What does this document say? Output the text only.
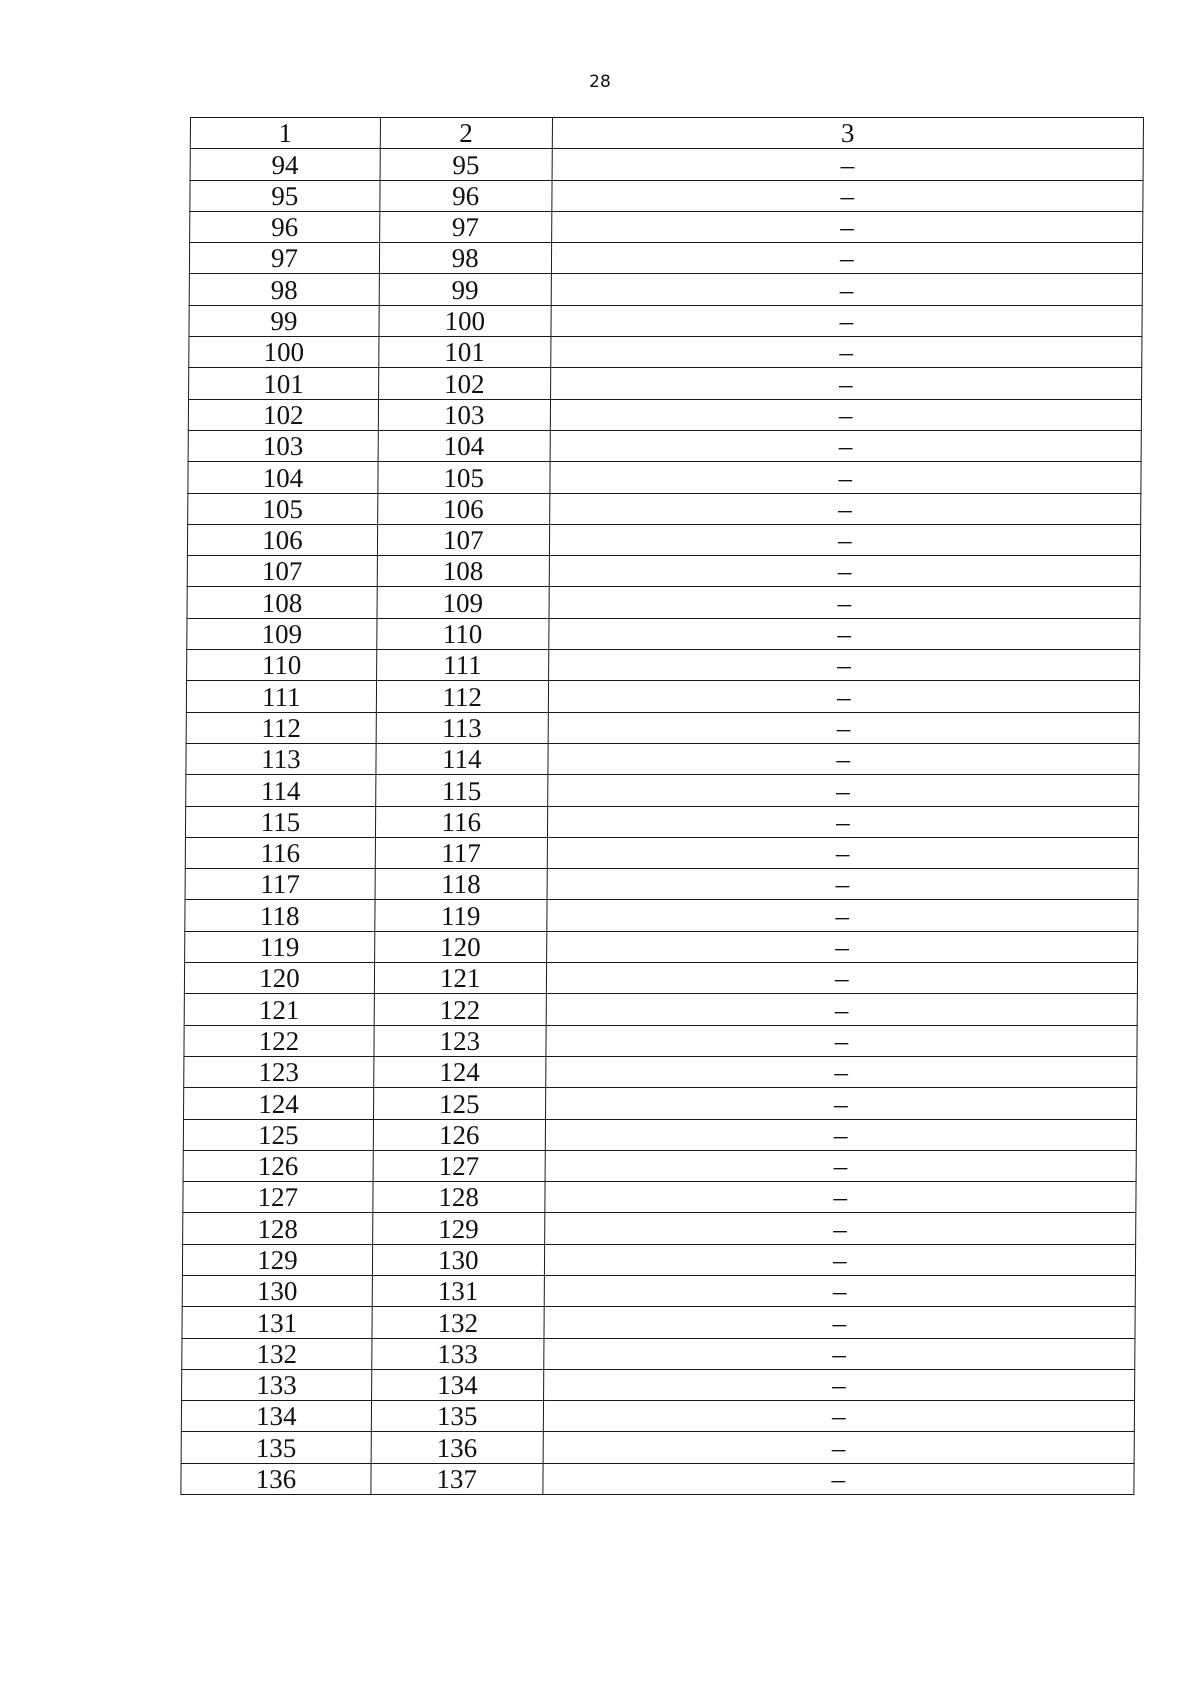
28
1	2	3
94	95	–
95	96	–
96	97	–
97	98	–
98	99	–
99	100	–
100	101	–
101	102	–
102	103	–
103	104	–
104	105	–
105	106	–
106	107	–
107	108	–
108	109	–
109	110	–
110	111	–
111	112	–
112	113	–
113	114	–
114	115	–
115	116	–
116	117	–
117	118	–
118	119	–
119	120	–
120	121	–
121	122	–
122	123	–
123	124	–
124	125	–
125	126	–
126	127	–
127	128	–
128	129	–
129	130	–
130	131	–
131	132	–
132	133	–
133	134	–
134	135	–
135	136	–
136	137	–
